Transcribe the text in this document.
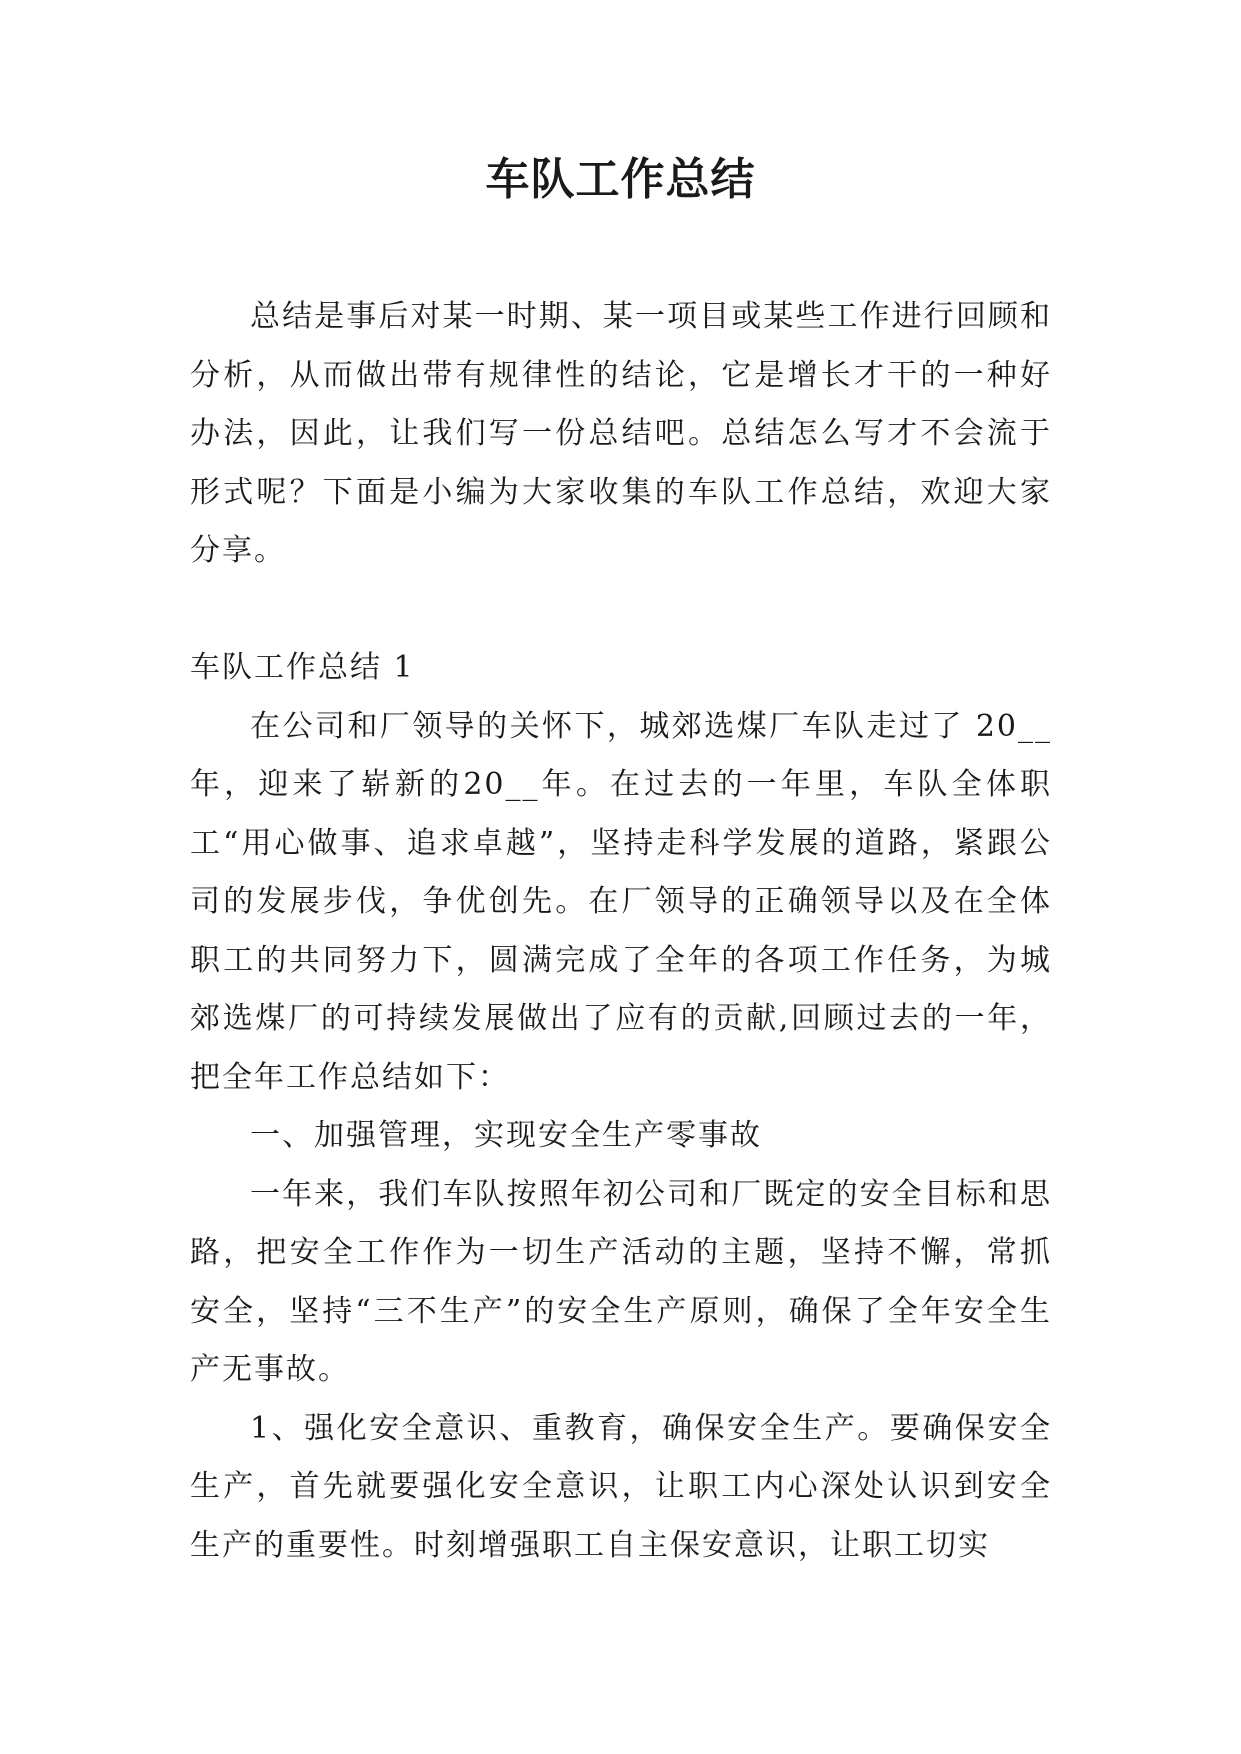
车队工作总结

总结是事后对某一时期、某一项目或某些工作进行回顾和分析，从而做出带有规律性的结论，它是增长才干的一种好办法，因此，让我们写一份总结吧。总结怎么写才不会流于形式呢？下面是小编为大家收集的车队工作总结，欢迎大家分享。

车队工作总结 1

在公司和厂领导的关怀下，城郊选煤厂车队走过了 20__年，迎来了崭新的20__年。在过去的一年里，车队全体职工“用心做事、追求卓越”，坚持走科学发展的道路，紧跟公司的发展步伐，争优创先。在厂领导的正确领导以及在全体职工的共同努力下，圆满完成了全年的各项工作任务，为城郊选煤厂的可持续发展做出了应有的贡献,回顾过去的一年，把全年工作总结如下：

一、加强管理，实现安全生产零事故

一年来，我们车队按照年初公司和厂既定的安全目标和思路，把安全工作作为一切生产活动的主题，坚持不懈，常抓安全，坚持“三不生产”的安全生产原则，确保了全年安全生产无事故。

1、强化安全意识、重教育，确保安全生产。要确保安全生产，首先就要强化安全意识，让职工内心深处认识到安全生产的重要性。时刻增强职工自主保安意识，让职工切实
